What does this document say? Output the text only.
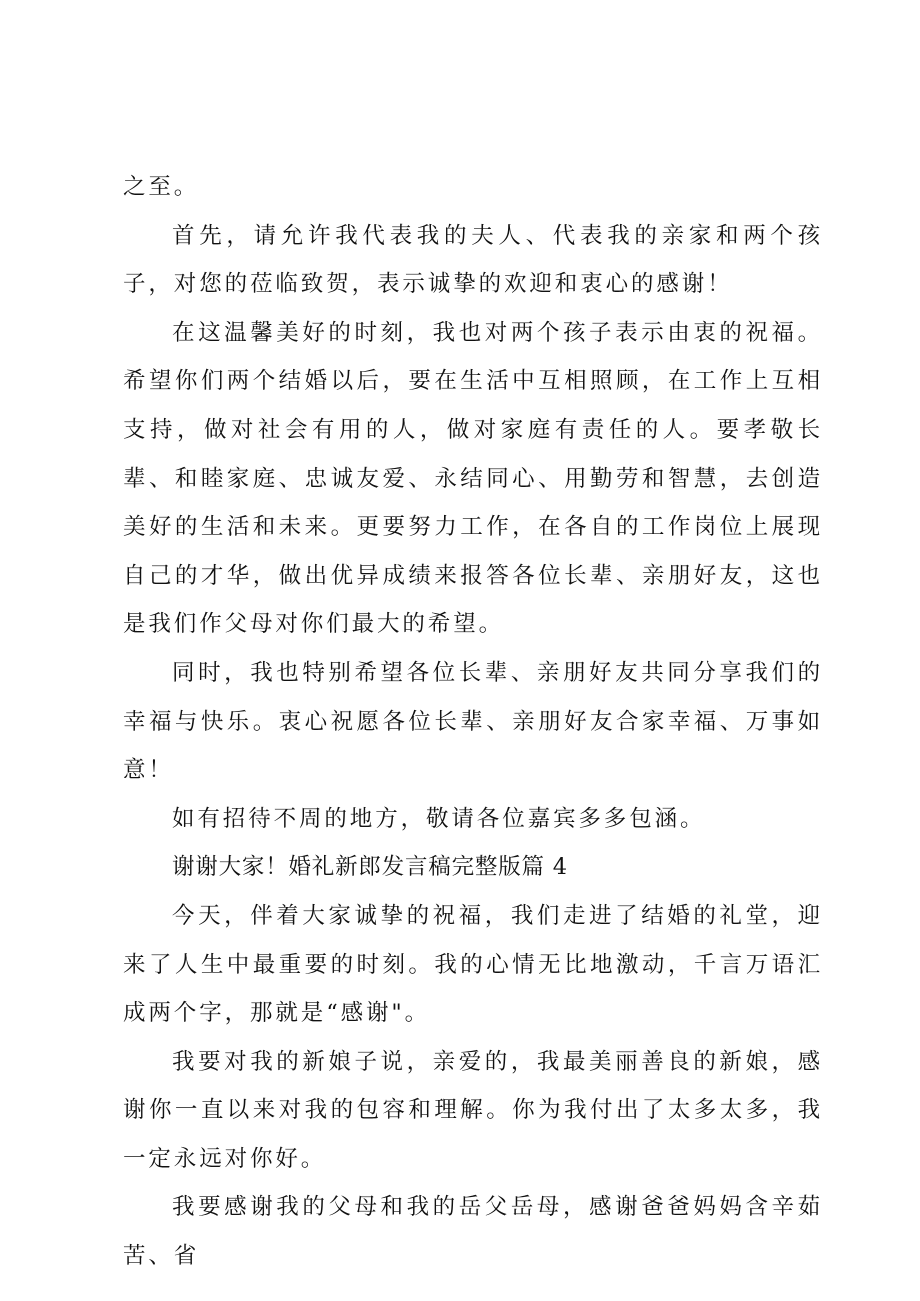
之至。

首先，请允许我代表我的夫人、代表我的亲家和两个孩子，对您的莅临致贺，表示诚挚的欢迎和衷心的感谢！

在这温馨美好的时刻，我也对两个孩子表示由衷的祝福。希望你们两个结婚以后，要在生活中互相照顾，在工作上互相支持，做对社会有用的人，做对家庭有责任的人。要孝敬长辈、和睦家庭、忠诚友爱、永结同心、用勤劳和智慧，去创造美好的生活和未来。更要努力工作，在各自的工作岗位上展现自己的才华，做出优异成绩来报答各位长辈、亲朋好友，这也是我们作父母对你们最大的希望。

同时，我也特别希望各位长辈、亲朋好友共同分享我们的幸福与快乐。衷心祝愿各位长辈、亲朋好友合家幸福、万事如意！

如有招待不周的地方，敬请各位嘉宾多多包涵。

谢谢大家！婚礼新郎发言稿完整版篇 4

今天，伴着大家诚挚的祝福，我们走进了结婚的礼堂，迎来了人生中最重要的时刻。我的心情无比地激动，千言万语汇成两个字，那就是“感谢"。

我要对我的新娘子说，亲爱的，我最美丽善良的新娘，感谢你一直以来对我的包容和理解。你为我付出了太多太多，我一定永远对你好。

我要感谢我的父母和我的岳父岳母，感谢爸爸妈妈含辛茹苦、省
